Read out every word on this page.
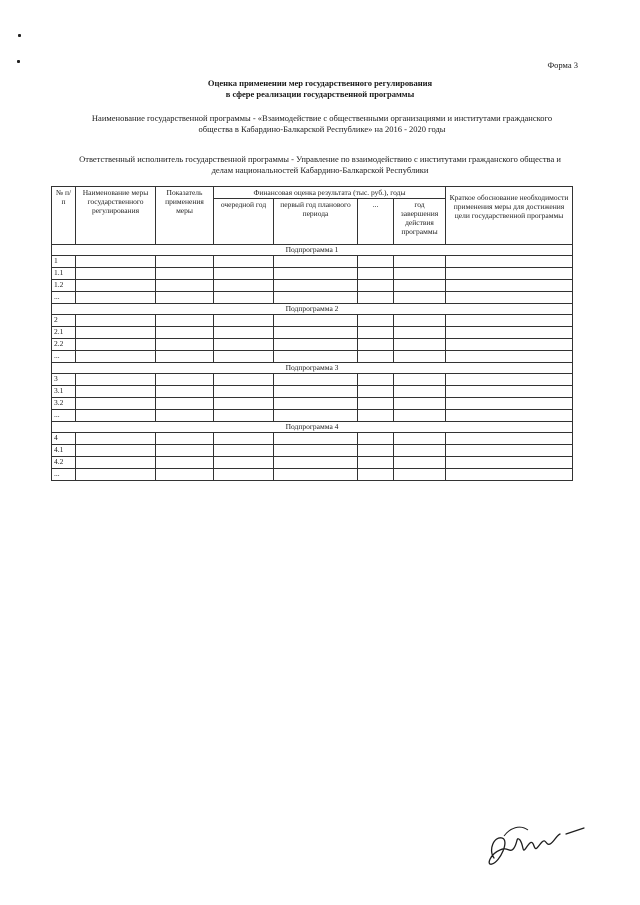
Форма 3
Оценка применении мер государственного регулирования
в сфере реализации государственной программы
Наименование государственной программы - «Взаимодействие с общественными организациями и институтами гражданского
общества в Кабардино-Балкарской Республике» на 2016 - 2020 годы
Ответственный исполнитель государственной программы - Управление по взаимодействию с институтами гражданского общества и
делам национальностей Кабардино-Балкарской Республики
№ п/п	Наименование меры государственного регулирования	Показатель применения меры	Финансовая оценка результата (тыс. руб.), годы				Краткое обоснование необходимости применения меры для достижения цели государственной программы
			очередной год	первый год планового периода	...	год завершения действия программы	
Подпрограмма 1							
1							
1.1							
1.2							
...							
Подпрограмма 2							
2							
2.1							
2.2							
...							
Подпрограмма 3							
3							
3.1							
3.2							
...							
Подпрограмма 4							
4							
4.1							
4.2							
...							
